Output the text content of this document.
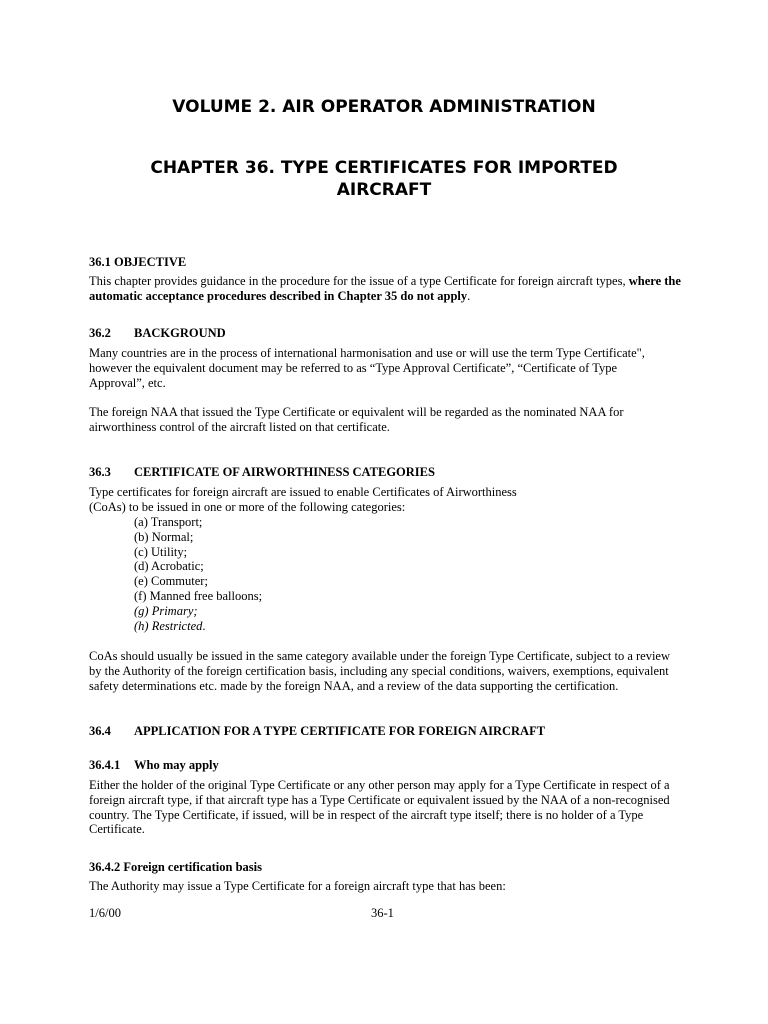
VOLUME 2. AIR OPERATOR ADMINISTRATION
CHAPTER 36. TYPE CERTIFICATES FOR IMPORTED
AIRCRAFT
36.1 OBJECTIVE
This chapter provides guidance in the procedure for the issue of a type Certificate for foreign aircraft types, where the automatic acceptance procedures described in Chapter 35 do not apply.
36.2 BACKGROUND
Many countries are in the process of international harmonisation and use or will use the term Type Certificate", however the equivalent document may be referred to as “Type Approval Certificate”, “Certificate of Type Approval”, etc.
The foreign NAA that issued the Type Certificate or equivalent will be regarded as the nominated NAA for airworthiness control of the aircraft listed on that certificate.
36.3 CERTIFICATE OF AIRWORTHINESS CATEGORIES
Type certificates for foreign aircraft are issued to enable Certificates of Airworthiness
(CoAs) to be issued in one or more of the following categories:
(a) Transport;
(b) Normal;
(c) Utility;
(d) Acrobatic;
(e) Commuter;
(f) Manned free balloons;
(g) Primary;
(h) Restricted.
CoAs should usually be issued in the same category available under the foreign Type Certificate, subject to a review by the Authority of the foreign certification basis, including any special conditions, waivers, exemptions, equivalent safety determinations etc. made by the foreign NAA, and a review of the data supporting the certification.
36.4 APPLICATION FOR A TYPE CERTIFICATE FOR FOREIGN AIRCRAFT
36.4.1 Who may apply
Either the holder of the original Type Certificate or any other person may apply for a Type Certificate in respect of a foreign aircraft type, if that aircraft type has a Type Certificate or equivalent issued by the NAA of a non-recognised country. The Type Certificate, if issued, will be in respect of the aircraft type itself; there is no holder of a Type Certificate.
36.4.2 Foreign certification basis
The Authority may issue a Type Certificate for a foreign aircraft type that has been:
1/6/00	36-1
